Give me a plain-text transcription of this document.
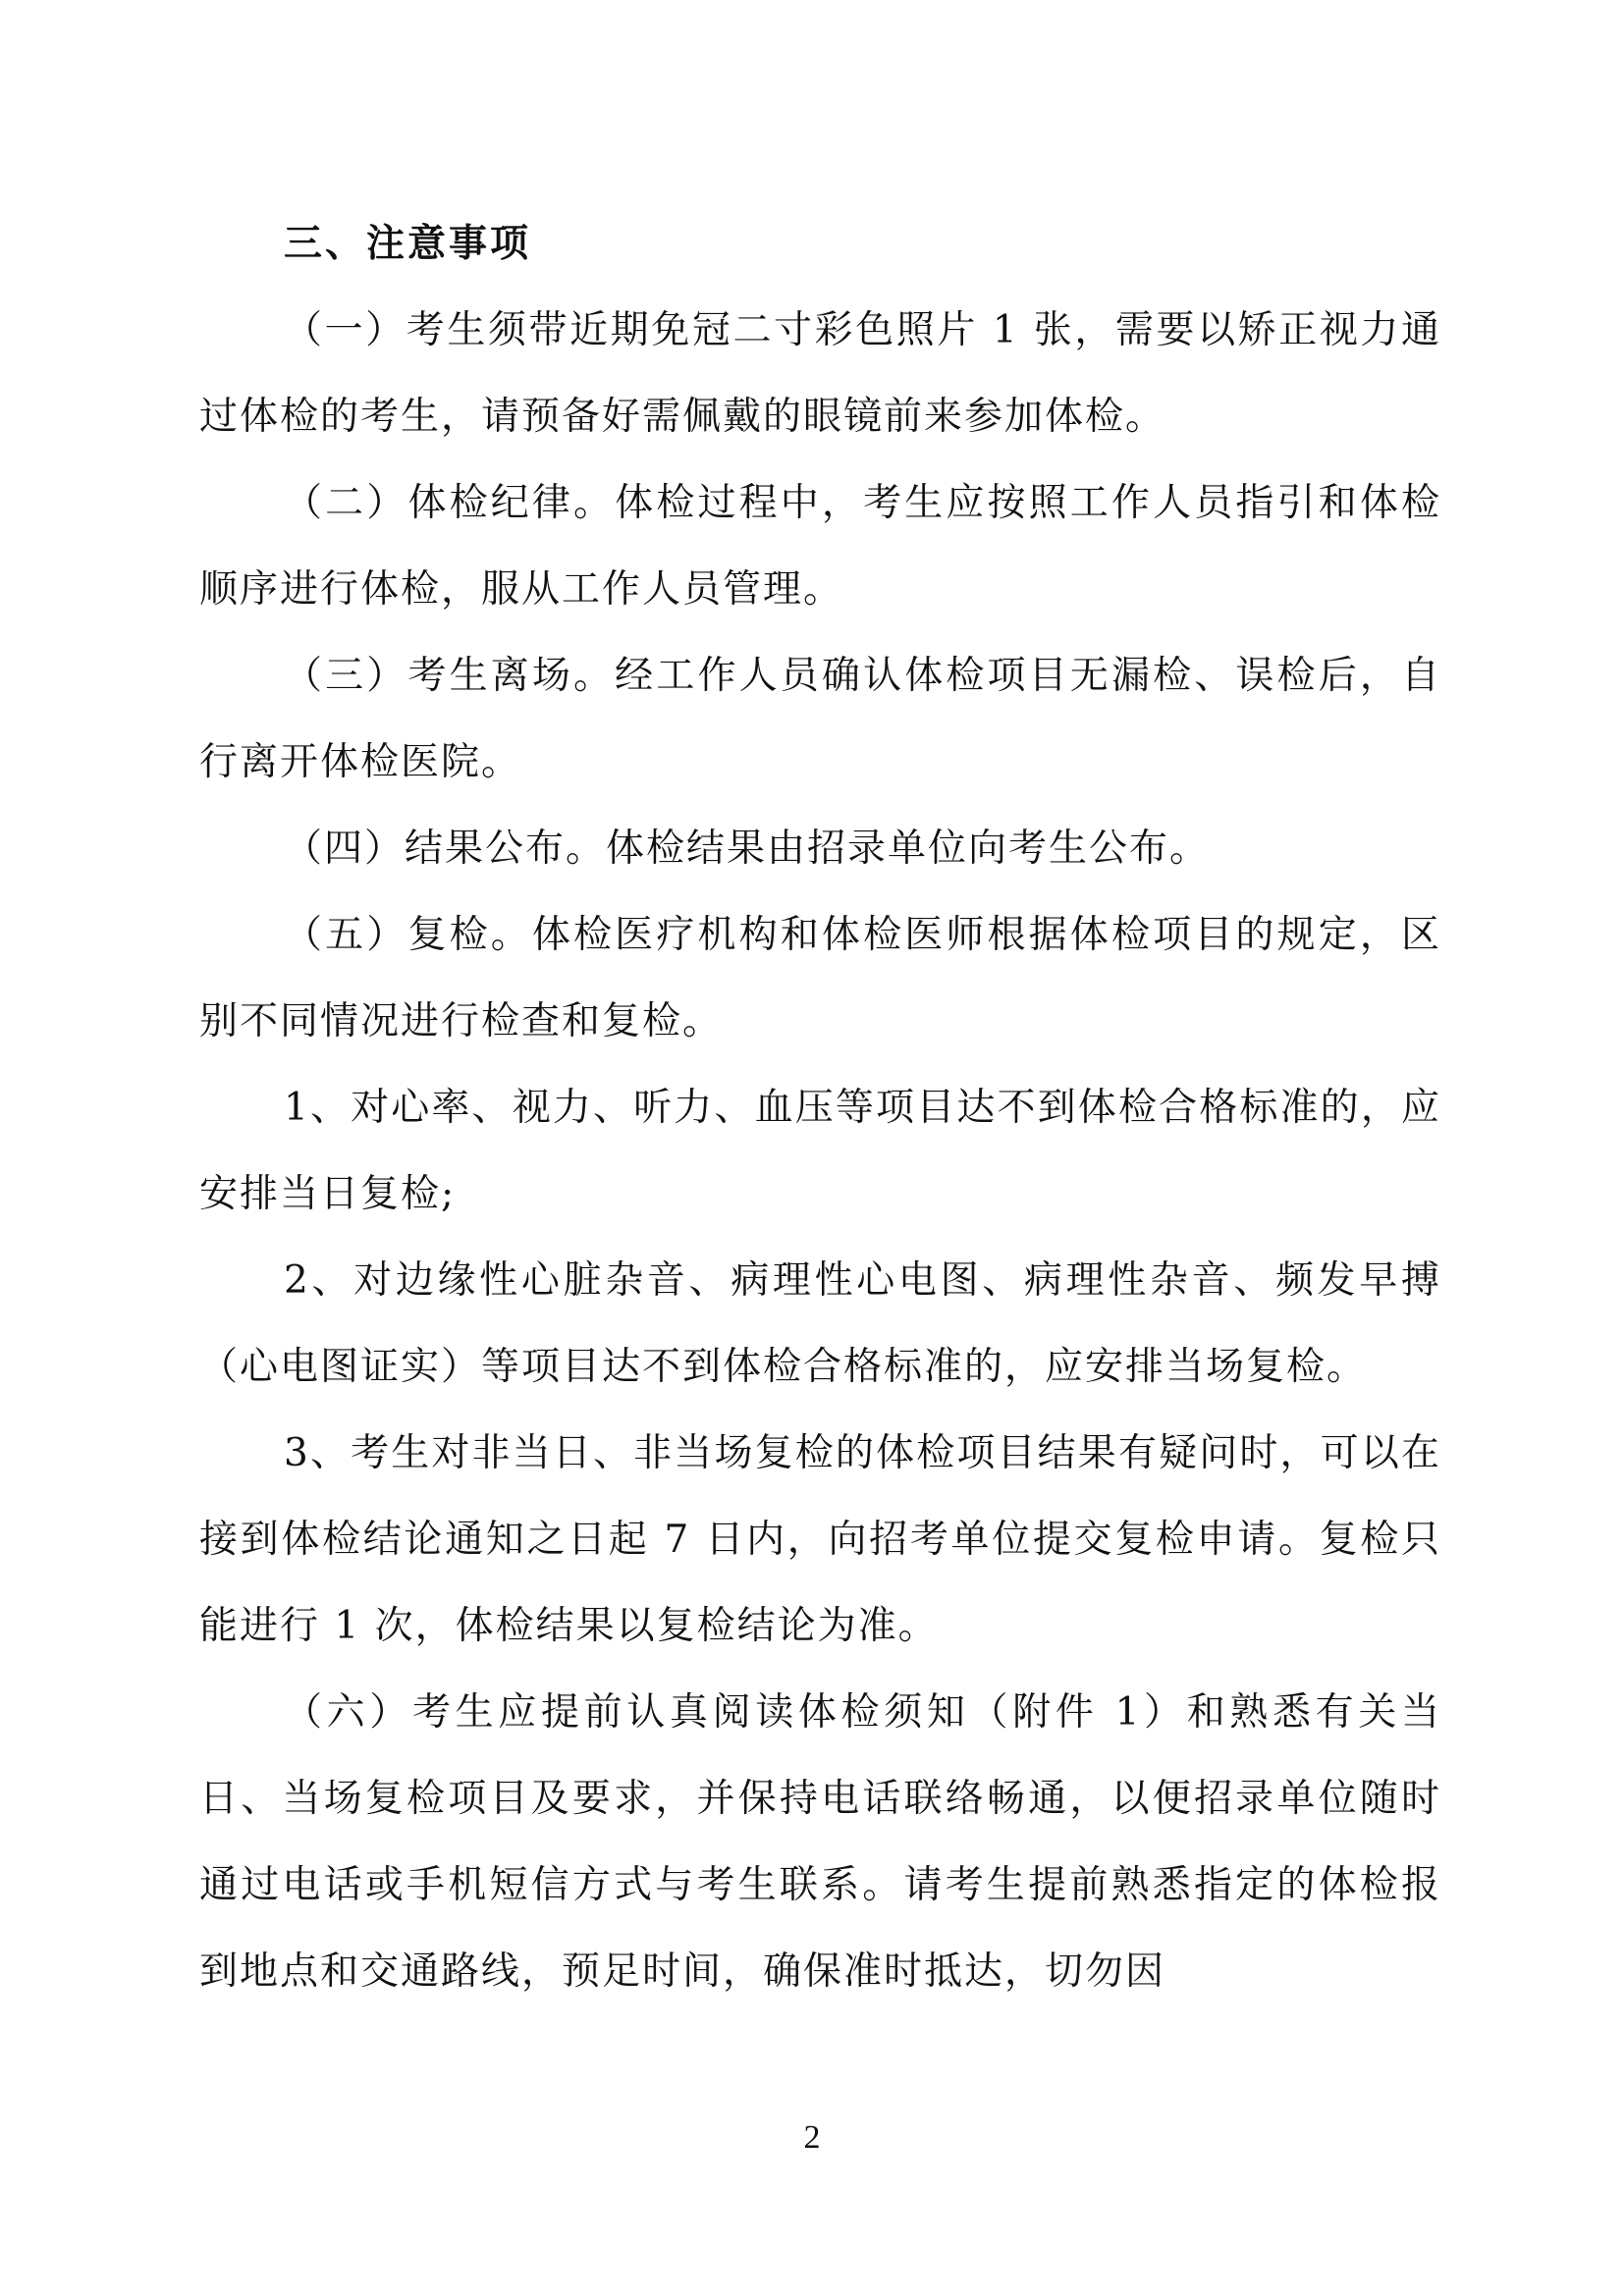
三、注意事项

（一）考生须带近期免冠二寸彩色照片 1 张，需要以矫正视力通过体检的考生，请预备好需佩戴的眼镜前来参加体检。

（二）体检纪律。体检过程中，考生应按照工作人员指引和体检顺序进行体检，服从工作人员管理。

（三）考生离场。经工作人员确认体检项目无漏检、误检后，自行离开体检医院。

（四）结果公布。体检结果由招录单位向考生公布。

（五）复检。体检医疗机构和体检医师根据体检项目的规定，区别不同情况进行检查和复检。

1、对心率、视力、听力、血压等项目达不到体检合格标准的，应安排当日复检;

2、对边缘性心脏杂音、病理性心电图、病理性杂音、频发早搏（心电图证实）等项目达不到体检合格标准的，应安排当场复检。

3、考生对非当日、非当场复检的体检项目结果有疑问时，可以在接到体检结论通知之日起 7 日内，向招考单位提交复检申请。复检只能进行 1 次，体检结果以复检结论为准。

（六）考生应提前认真阅读体检须知（附件 1）和熟悉有关当日、当场复检项目及要求，并保持电话联络畅通，以便招录单位随时通过电话或手机短信方式与考生联系。请考生提前熟悉指定的体检报到地点和交通路线，预足时间，确保准时抵达，切勿因

2
